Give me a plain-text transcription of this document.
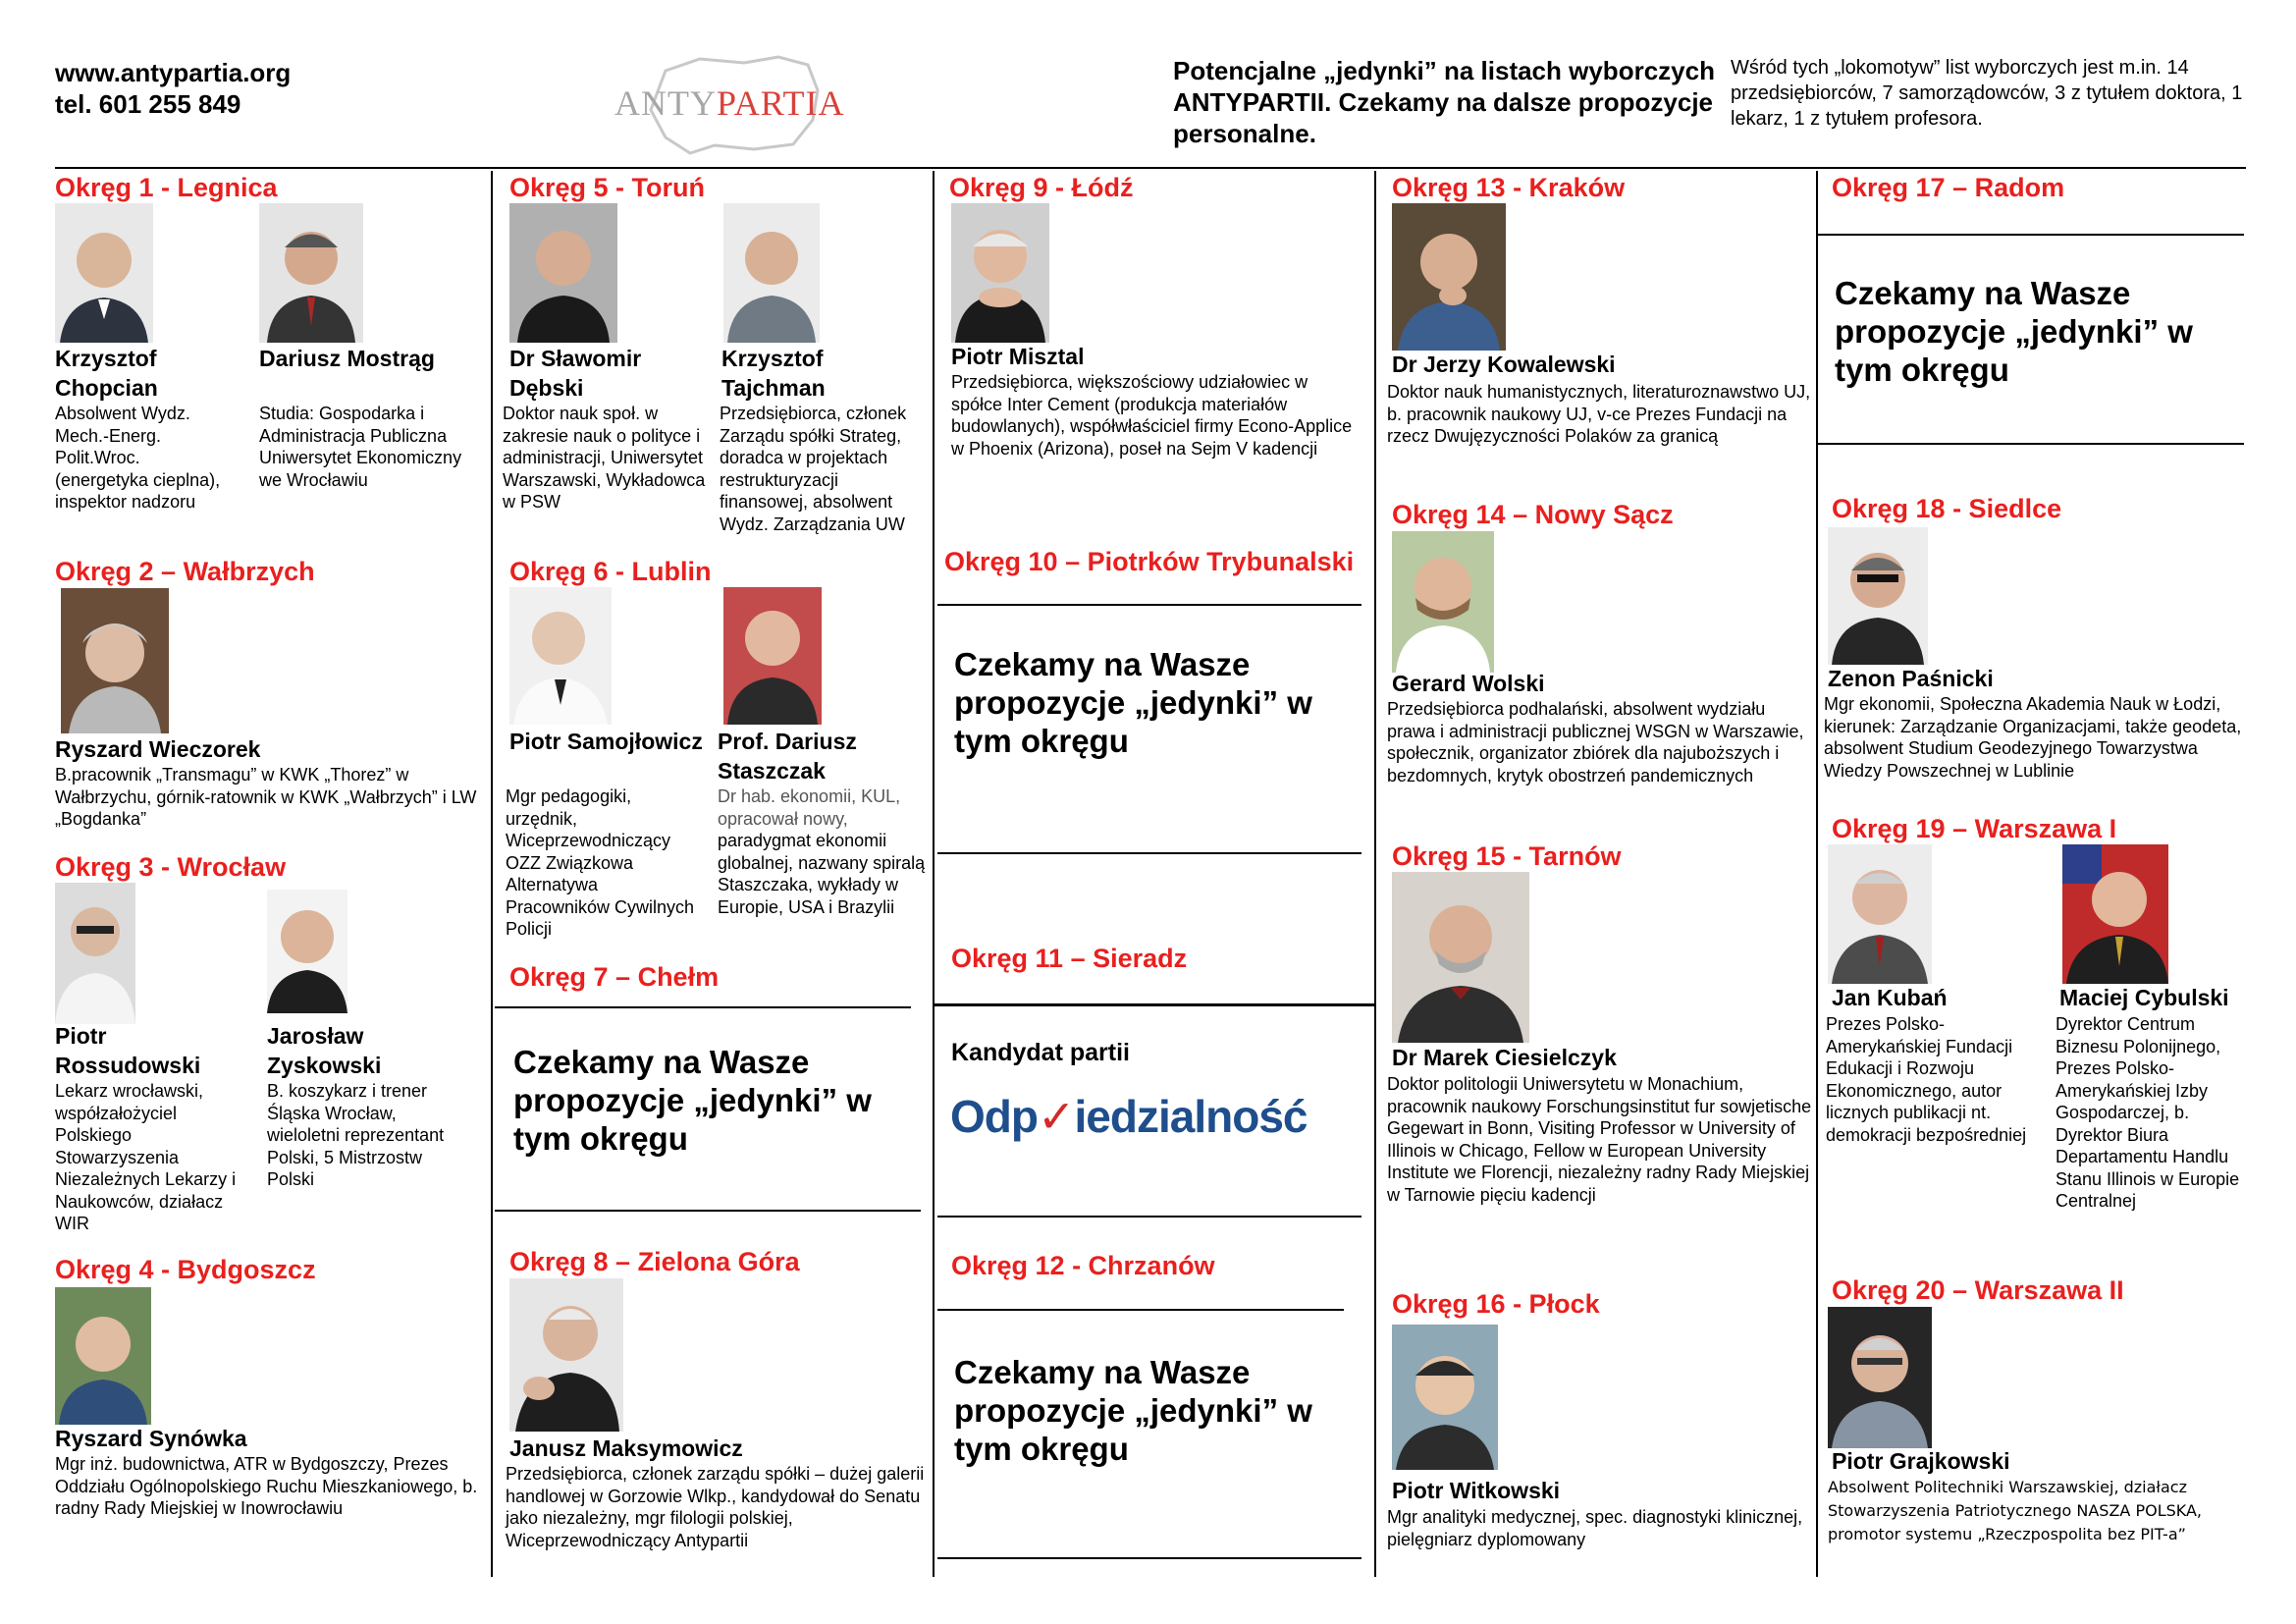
www.antypartia.org
tel. 601 255 849	ANTYPARTIA
Potencjalne „jedynki” na listach wyborczych ANTYPARTII. Czekamy na dalsze propozycje personalne.
Wśród tych „lokomotyw” list wyborczych jest m.in. 14 przedsiębiorców, 7 samorządowców, 3 z tytułem doktora, 1 lekarz, 1 z tytułem profesora.
Okręg 1 - Legnica
Krzysztof Chopcian
Dariusz Mostrąg
Absolwent Wydz. Mech.-Energ. Polit.Wroc. (energetyka cieplna), inspektor nadzoru
Studia: Gospodarka i Administracja Publiczna Uniwersytet Ekonomiczny we Wrocławiu
Okręg 2 – Wałbrzych
Ryszard Wieczorek
B.pracownik „Transmagu” w KWK „Thorez” w Wałbrzychu, górnik-ratownik w KWK „Wałbrzych” i LW „Bogdanka”
Okręg 3 - Wrocław
Piotr Rossudowski
Jarosław Zyskowski
Lekarz wrocławski, współzałożyciel Polskiego Stowarzyszenia Niezależnych Lekarzy i Naukowców, działacz WIR
B. koszykarz i trener Śląska Wrocław, wieloletni reprezentant Polski, 5 Mistrzostw Polski
Okręg 4 - Bydgoszcz
Ryszard Synówka
Mgr inż. budownictwa, ATR w Bydgoszczy, Prezes Oddziału Ogólnopolskiego Ruchu Mieszkaniowego, b. radny Rady Miejskiej w Inowrocławiu
Okręg 5 - Toruń
Dr Sławomir Dębski
Krzysztof Tajchman
Doktor nauk społ. w zakresie nauk o polityce i administracji, Uniwersytet Warszawski, Wykładowca w PSW
Przedsiębiorca, członek Zarządu spółki Strateg, doradca w projektach restrukturyzacji finansowej, absolwent Wydz. Zarządzania UW
Okręg 6 - Lublin
Piotr Samojłowicz Prof. Dariusz Staszczak
Mgr pedagogiki, urzędnik, Wiceprzewodniczący OZZ Związkowa Alternatywa Pracowników Cywilnych Policji
Dr hab. ekonomii, KUL, opracował nowy,
paradygmat ekonomii globalnej, nazwany spiralą Staszczaka, wykłady w Europie, USA i Brazylii
Okręg 7 – Chełm
Czekamy na Wasze propozycje „jedynki” w tym okręgu
Okręg 8 – Zielona Góra
Janusz Maksymowicz
Przedsiębiorca, członek zarządu spółki – dużej galerii handlowej w Gorzowie Wlkp., kandydował do Senatu jako niezależny, mgr filologii polskiej, Wiceprzewodniczący Antypartii
Okręg 9 - Łódź
Piotr Misztal
Przedsiębiorca, większościowy udziałowiec w spółce Inter Cement (produkcja materiałów budowlanych), współwłaściciel firmy Econo-Applice w Phoenix (Arizona), poseł na Sejm V kadencji
Okręg 10 – Piotrków Trybunalski
Czekamy na Wasze propozycje „jedynki” w tym okręgu
Okręg 11 – Sieradz
Kandydat partii
Odp✓iedzialność
Okręg 12 - Chrzanów
Czekamy na Wasze propozycje „jedynki” w tym okręgu
Okręg 13 - Kraków
Dr Jerzy Kowalewski
Doktor nauk humanistycznych, literaturoznawstwo UJ, b. pracownik naukowy UJ, v-ce Prezes Fundacji na rzecz Dwujęzyczności Polaków za granicą
Okręg 14 – Nowy Sącz
Gerard Wolski
Przedsiębiorca podhalański, absolwent wydziału prawa i administracji publicznej WSGN w Warszawie, społecznik, organizator zbiórek dla najuboższych i bezdomnych, krytyk obostrzeń pandemicznych
Okręg 15 - Tarnów
Dr Marek Ciesielczyk
Doktor politologii Uniwersytetu w Monachium, pracownik naukowy Forschungsinstitut fur sowjetische Gegewart in Bonn, Visiting Professor w University of Illinois w Chicago, Fellow w European University Institute we Florencji, niezależny radny Rady Miejskiej w Tarnowie pięciu kadencji
Okręg 16 - Płock
Piotr Witkowski
Mgr analityki medycznej, spec. diagnostyki klinicznej, pielęgniarz dyplomowany
Okręg 17 – Radom
Czekamy na Wasze propozycje „jedynki” w tym okręgu
Okręg 18 - Siedlce
Zenon Paśnicki
Mgr ekonomii, Społeczna Akademia Nauk w Łodzi, kierunek: Zarządzanie Organizacjami, także geodeta, absolwent Studium Geodezyjnego Towarzystwa Wiedzy Powszechnej w Lublinie
Okręg 19 – Warszawa I
Jan Kubań	Maciej Cybulski
Prezes Polsko-Amerykańskiej Fundacji Edukacji i Rozwoju Ekonomicznego, autor licznych publikacji nt. demokracji bezpośredniej
Dyrektor Centrum Biznesu Polonijnego, Prezes Polsko-Amerykańskiej Izby Gospodarczej, b. Dyrektor Biura Departamentu Handlu Stanu Illinois w Europie Centralnej
Okręg 20 – Warszawa II
Piotr Grajkowski
Absolwent Politechniki Warszawskiej, działacz Stowarzyszenia Patriotycznego NASZA POLSKA, promotor systemu „Rzeczpospolita bez PIT-a”
